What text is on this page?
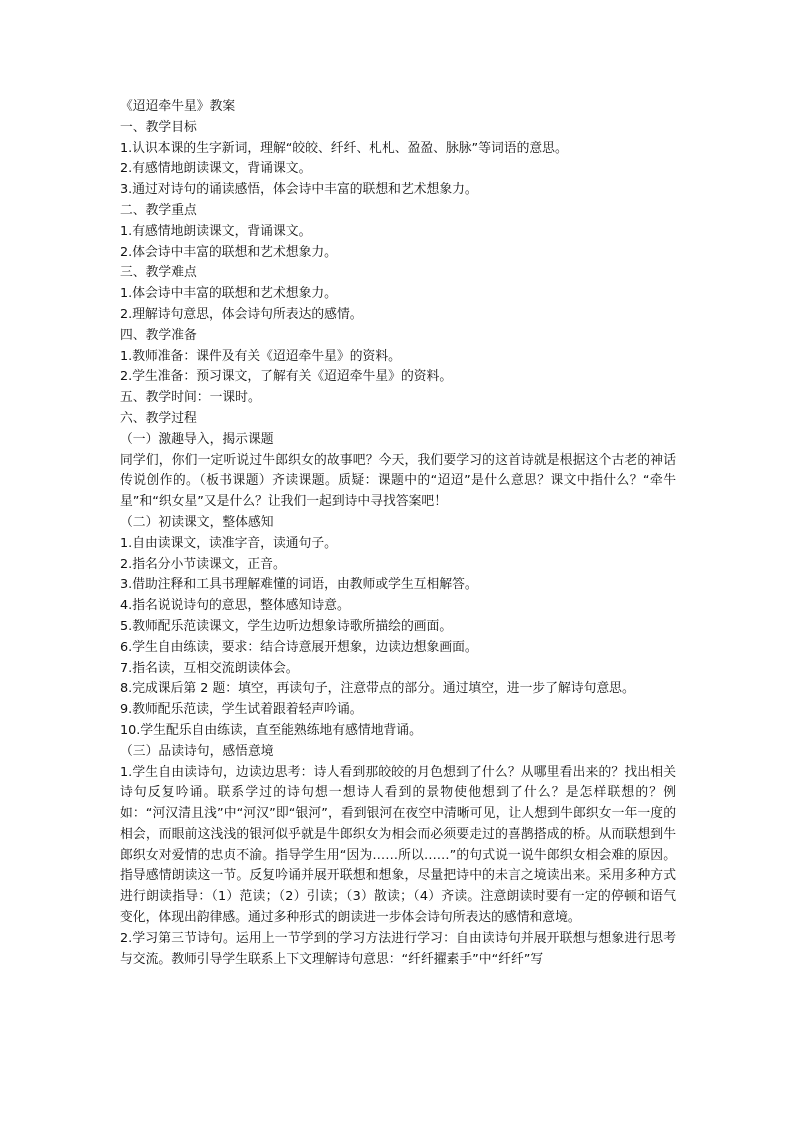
《迢迢牵牛星》教案

一、教学目标

1.认识本课的生字新词，理解“皎皎、纤纤、札札、盈盈、脉脉”等词语的意思。

2.有感情地朗读课文，背诵课文。

3.通过对诗句的诵读感悟，体会诗中丰富的联想和艺术想象力。

二、教学重点

1.有感情地朗读课文，背诵课文。

2.体会诗中丰富的联想和艺术想象力。

三、教学难点

1.体会诗中丰富的联想和艺术想象力。

2.理解诗句意思，体会诗句所表达的感情。

四、教学准备

1.教师准备：课件及有关《迢迢牵牛星》的资料。

2.学生准备：预习课文，了解有关《迢迢牵牛星》的资料。

五、教学时间：一课时。

六、教学过程

（一）激趣导入，揭示课题

同学们，你们一定听说过牛郎织女的故事吧？今天，我们要学习的这首诗就是根据这个古老的神话传说创作的。（板书课题）齐读课题。质疑：课题中的“迢迢”是什么意思？课文中指什么？“牵牛星”和“织女星”又是什么？让我们一起到诗中寻找答案吧！

（二）初读课文，整体感知

1.自由读课文，读准字音，读通句子。

2.指名分小节读课文，正音。

3.借助注释和工具书理解难懂的词语，由教师或学生互相解答。

4.指名说说诗句的意思，整体感知诗意。

5.教师配乐范读课文，学生边听边想象诗歌所描绘的画面。

6.学生自由练读，要求：结合诗意展开想象，边读边想象画面。

7.指名读，互相交流朗读体会。

8.完成课后第 2 题：填空，再读句子，注意带点的部分。通过填空，进一步了解诗句意思。

9.教师配乐范读，学生试着跟着轻声吟诵。

10.学生配乐自由练读，直至能熟练地有感情地背诵。

（三）品读诗句，感悟意境

1.学生自由读诗句，边读边思考：诗人看到那皎皎的月色想到了什么？从哪里看出来的？找出相关诗句反复吟诵。联系学过的诗句想一想诗人看到的景物使他想到了什么？是怎样联想的？例如：“河汉清且浅”中“河汉”即“银河”，看到银河在夜空中清晰可见，让人想到牛郎织女一年一度的相会，而眼前这浅浅的银河似乎就是牛郎织女为相会而必须要走过的喜鹊搭成的桥。从而联想到牛郎织女对爱情的忠贞不渝。指导学生用“因为……所以……”的句式说一说牛郎织女相会难的原因。指导感情朗读这一节。反复吟诵并展开联想和想象，尽量把诗中的未言之境读出来。采用多种方式进行朗读指导：（1）范读；（2）引读；（3）散读；（4）齐读。注意朗读时要有一定的停顿和语气变化，体现出韵律感。通过多种形式的朗读进一步体会诗句所表达的感情和意境。

2.学习第三节诗句。运用上一节学到的学习方法进行学习：自由读诗句并展开联想与想象进行思考与交流。教师引导学生联系上下文理解诗句意思：“纤纤擢素手”中“纤纤”写
